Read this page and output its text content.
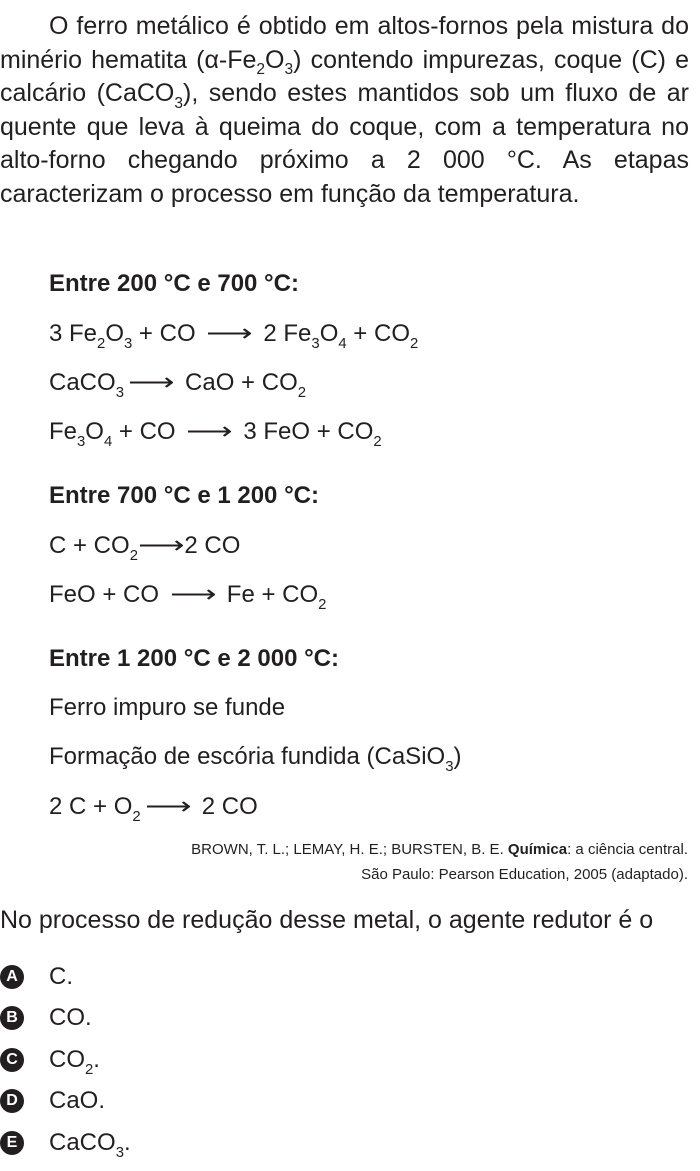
O ferro metálico é obtido em altos-fornos pela mistura do minério hematita $(\alpha-Fe_2O_3)$ contendo impurezas, coque (C) e calcário (CaCO$_3$), sendo estes mantidos sob um fluxo de ar quente que leva à queima do coque, com a temperatura no alto-forno chegando próximo a 2 000 °C. As etapas caracterizam o processo em função da temperatura.

Entre 200 °C e 700 °C:

3 $Fe_2O_3$ + CO ⟶ 2 $Fe_3O_4 + CO_2$

CaCO$_3$ ⟶ CaO + $CO_2$

$Fe_3O_4$ + CO ⟶ 3 FeO + $CO_2$

Entre 700 °C e 1 200 °C:

$C + CO_2⟶2$ CO

FeO + CO ⟶ $Fe + CO_2$

Entre 1 200 °C e 2 000 °C:

Ferro impuro se funde

Formação de escória fundida (CaSiO$_3$)

2 $C + O_2$ ⟶ 2 CO

BROWN, T. L.; LEMAY, H. E.; BURSTEN, B. E. Química: a ciência central.

São Paulo: Pearson Education, 2005 (adaptado).

No processo de redução desse metal, o agente redutor é o

A C.
B CO.
C $CO_2$.
D CaO.
E CaCO$_3$.
